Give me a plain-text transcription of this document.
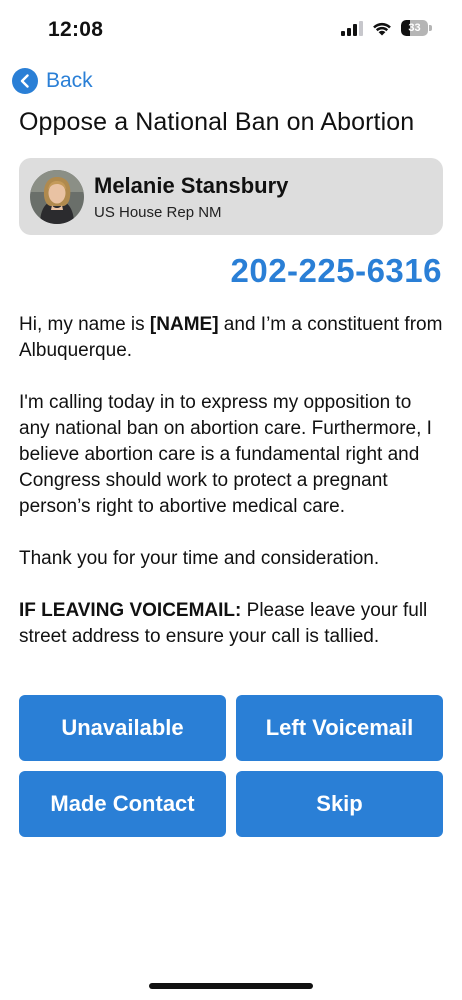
12:08	33
Back
Oppose a National Ban on Abortion
Melanie Stansbury
US House Rep NM
202-225-6316

Hi, my name is [NAME] and I’m a constituent from Albuquerque.

I'm calling today in to express my opposition to any national ban on abortion care. Furthermore, I believe abortion care is a fundamental right and Congress should work to protect a pregnant person’s right to abortive medical care.

Thank you for your time and consideration.

IF LEAVING VOICEMAIL: Please leave your full street address to ensure your call is tallied.

Unavailable	Left Voicemail
Made Contact	Skip
